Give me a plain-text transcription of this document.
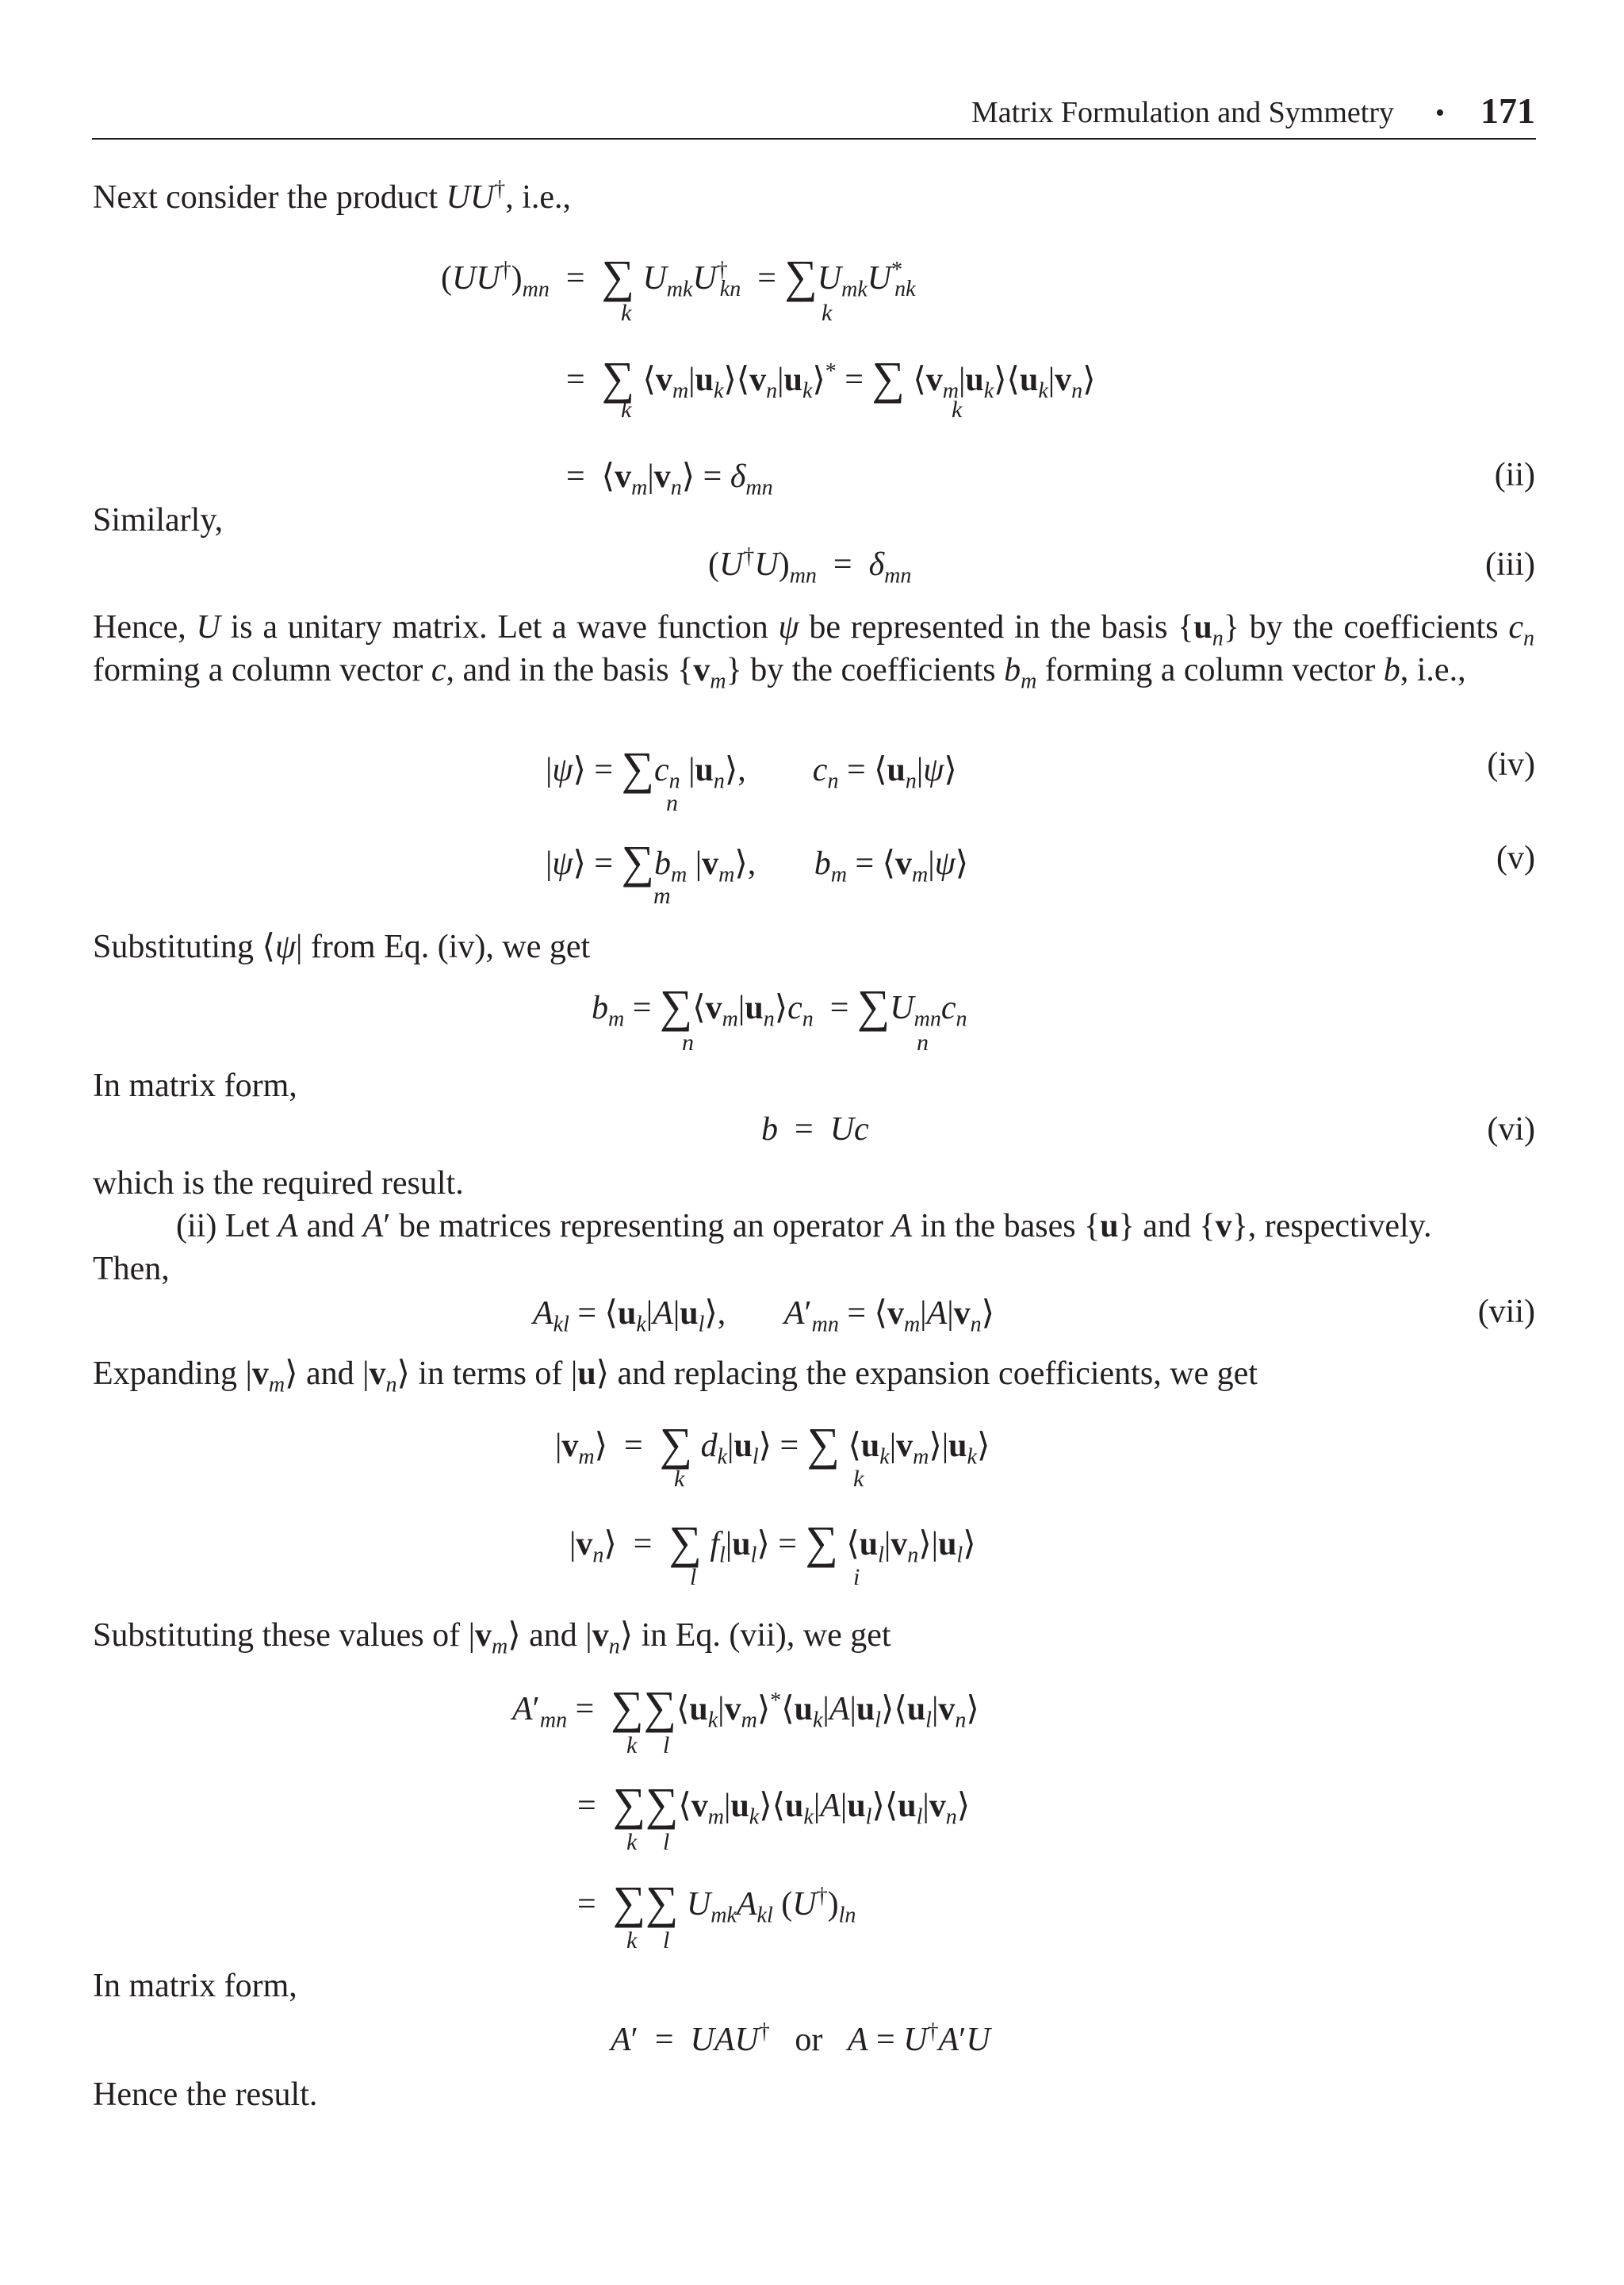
Matrix Formulation and Symmetry • 171
Next consider the product UU†, i.e.,
$(UU^\dagger)_{mn}$  =  ∑ $U_{mk}U^\dagger_{kn} = \sum U_{mk}U^*_{nk}$
k	k
=  ∑ $⟨v_m|u_k⟩⟨v_n|u_k⟩^*$ = ∑ $⟨v_m|u_k⟩⟨u_k|v_n⟩$
k	k
=  $⟨v_m|v_n⟩ = \delta_{mn}$	(ii)
Similarly,
$(U^\dagger U)_{mn} = \delta_{mn}$	(iii)
Hence, U is a unitary matrix. Let a wave function ψ be represented in the basis $\{u_n\}$ by the coefficients $c_n$ forming a column vector c, and in the basis $\{v_m\}$ by the coefficients $b_m$ forming a column vector b, i.e.,
|ψ⟩ = $\sum c_n$ $|u_n⟩$,        $c_n$ = $⟨u_n|\psi⟩$
n
(iv)
|ψ⟩ = $\sum b_m$ $|v_m⟩$,       $b_m$ = $⟨v_m|\psi⟩$
m
(v)
Substituting ⟨ψ| from Eq. (iv), we get
$b_m$ = $\sum⟨v_m|u_n⟩c_n = \sum U_{mn}c_n$
n	n
In matrix form,
b  =  Uc	(vi)
which is the required result.
(ii) Let A and A′ be matrices representing an operator A in the bases {u} and {v}, respectively.
Then,
$A_{kl}$ = $⟨u_k|A|u_l⟩$,       $A'_{mn}$ = $⟨v_m|A|v_n⟩$	(vii)
Expanding $|v_m⟩$ and $|v_n⟩$ in terms of |u⟩ and replacing the expansion coefficients, we get
$|v_m⟩$  =  ∑ $d_k|u_l⟩$ = ∑ $⟨u_k|v_m⟩|u_k⟩$
k	k
$|v_n⟩$  =  ∑ $f_l|u_l⟩$ = ∑ $⟨u_l|v_n⟩|u_l⟩$
l	i
Substituting these values of $|v_m⟩$ and $|v_n⟩$ in Eq. (vii), we get
$A'_{mn}$ =  $\sum\sum⟨u_k|v_m⟩^*⟨u_k|A|u_l⟩⟨u_l|v_n⟩$
k l
=  $\sum\sum⟨v_m|u_k⟩⟨u_k|A|u_l⟩⟨u_l|v_n⟩$
k l
=  ∑∑ $U_{mk}A_{kl}$ $(U^\dagger)_{ln}$
k l
In matrix form,
A′  =  UAU†   or   A = U†A′U
Hence the result.
